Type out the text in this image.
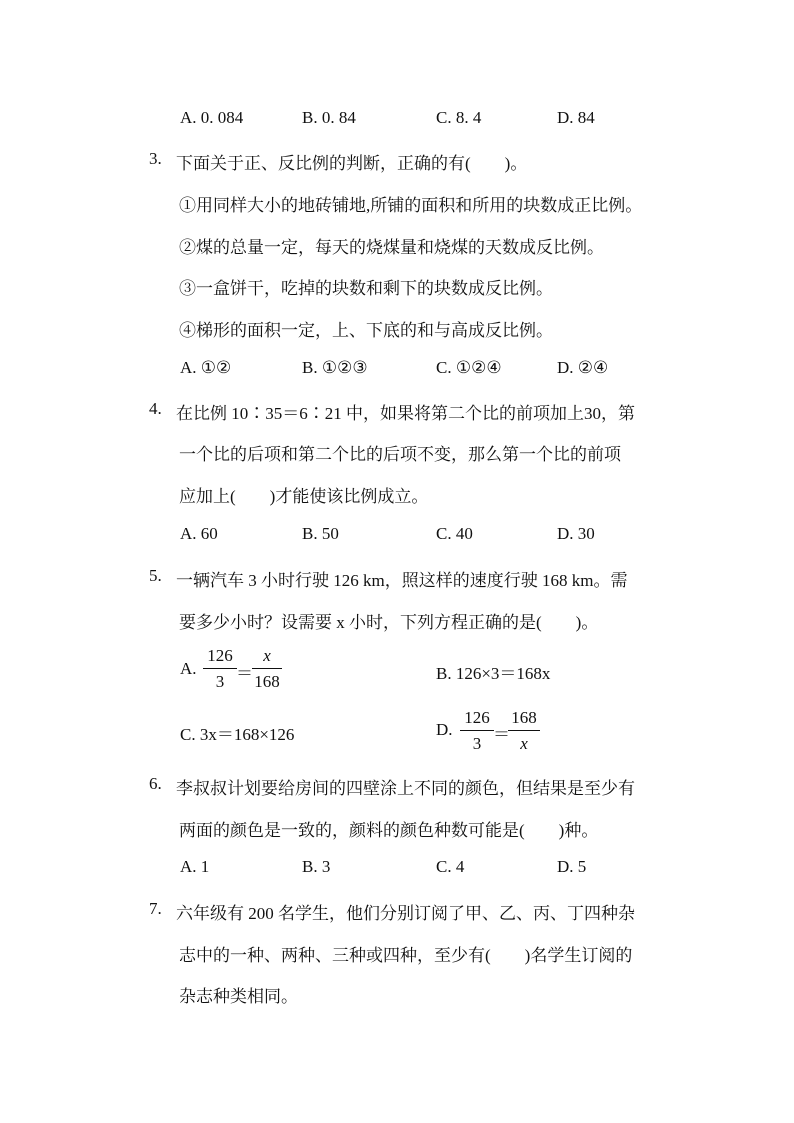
A. 0. 084	B. 0. 84	C. 8. 4	D. 84
3. 下面关于正、反比例的判断，正确的有(　　)。
①用同样大小的地砖铺地,所铺的面积和所用的块数成正比例。
②煤的总量一定，每天的烧煤量和烧煤的天数成反比例。
③一盒饼干，吃掉的块数和剩下的块数成反比例。
④梯形的面积一定，上、下底的和与高成反比例。
A. ①②	B. ①②③	C. ①②④	D. ②④
4. 在比例 10∶35＝6∶21 中，如果将第二个比的前项加上30，第
一个比的后项和第二个比的后项不变，那么第一个比的前项
应加上(　　)才能使该比例成立。
A. 60	B. 50	C. 40	D. 30
5. 一辆汽车 3 小时行驶 126 km，照这样的速度行驶 168 km。需
要多少小时？设需要 x 小时，下列方程正确的是(　　)。
A. $\frac{126}{3} = \frac{x}{168}$	B. 126×3＝168x
C. 3x＝168×126	D. $\frac{126}{3}$ ＝
$\frac{168}{x}$
6. 李叔叔计划要给房间的四壁涂上不同的颜色，但结果是至少有
两面的颜色是一致的，颜料的颜色种数可能是(　　)种。
A. 1	B. 3	C. 4	D. 5
7. 六年级有 200 名学生，他们分别订阅了甲、乙、丙、丁四种杂
志中的一种、两种、三种或四种，至少有(　　)名学生订阅的
杂志种类相同。
